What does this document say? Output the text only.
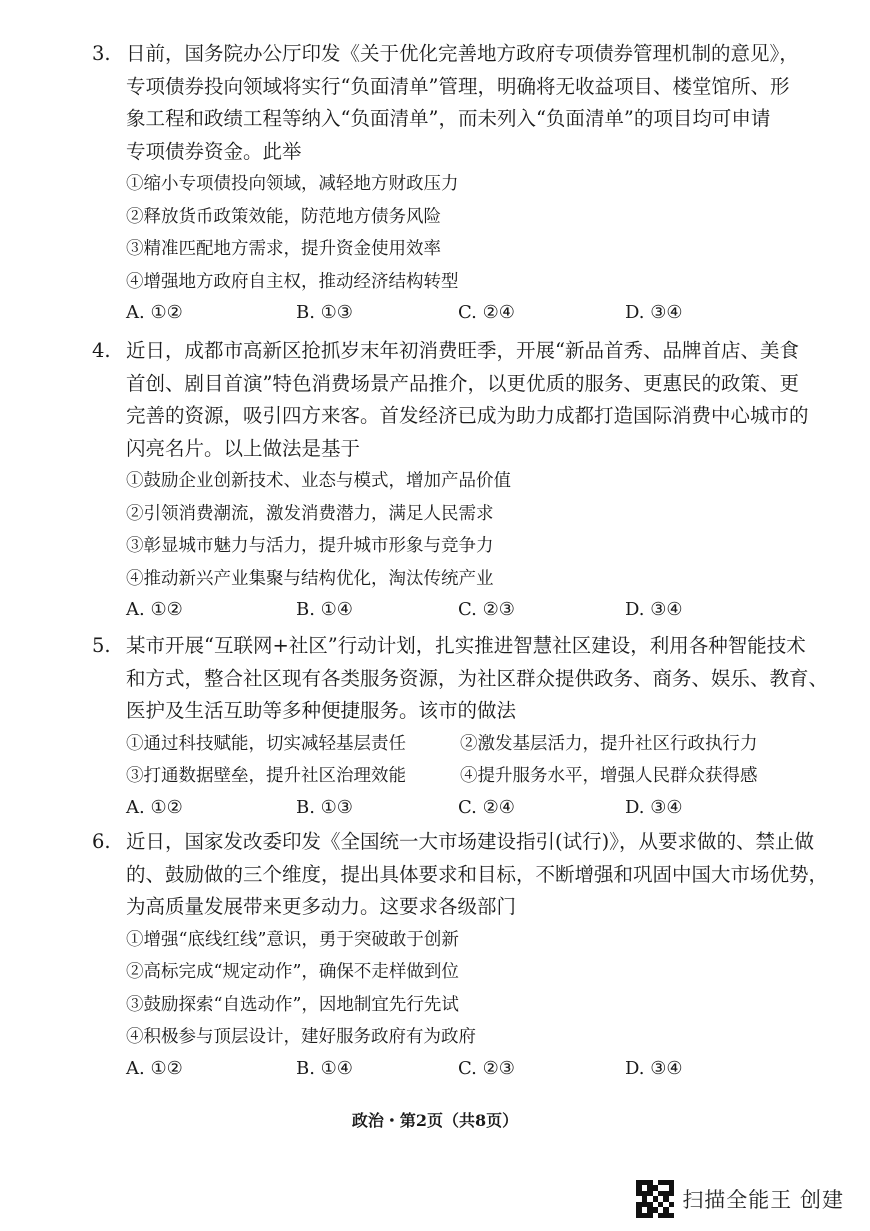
3. 日前，国务院办公厅印发《关于优化完善地方政府专项债券管理机制的意见》，
专项债券投向领域将实行“负面清单”管理，明确将无收益项目、楼堂馆所、形
象工程和政绩工程等纳入“负面清单”，而未列入“负面清单”的项目均可申请
专项债券资金。此举
①缩小专项债投向领域，减轻地方财政压力
②释放货币政策效能，防范地方债务风险
③精准匹配地方需求，提升资金使用效率
④增强地方政府自主权，推动经济结构转型
A. ①②	B. ①③	C. ②④	D. ③④
4. 近日，成都市高新区抢抓岁末年初消费旺季，开展“新品首秀、品牌首店、美食
首创、剧目首演”特色消费场景产品推介，以更优质的服务、更惠民的政策、更
完善的资源，吸引四方来客。首发经济已成为助力成都打造国际消费中心城市的
闪亮名片。以上做法是基于
①鼓励企业创新技术、业态与模式，增加产品价值
②引领消费潮流，激发消费潜力，满足人民需求
③彰显城市魅力与活力，提升城市形象与竞争力
④推动新兴产业集聚与结构优化，淘汰传统产业
A. ①②	B. ①④	C. ②③	D. ③④
5. 某市开展“互联网+社区”行动计划，扎实推进智慧社区建设，利用各种智能技术
和方式，整合社区现有各类服务资源，为社区群众提供政务、商务、娱乐、教育、
医护及生活互助等多种便捷服务。该市的做法
①通过科技赋能，切实减轻基层责任	②激发基层活力，提升社区行政执行力
③打通数据壁垒，提升社区治理效能	④提升服务水平，增强人民群众获得感
A. ①②	B. ①③	C. ②④	D. ③④
6. 近日，国家发改委印发《全国统一大市场建设指引(试行)》，从要求做的、禁止做
的、鼓励做的三个维度，提出具体要求和目标，不断增强和巩固中国大市场优势，
为高质量发展带来更多动力。这要求各级部门
①增强“底线红线”意识，勇于突破敢于创新
②高标完成“规定动作”，确保不走样做到位
③鼓励探索“自选动作”，因地制宜先行先试
④积极参与顶层设计，建好服务政府有为政府
A. ①②	B. ①④	C. ②③	D. ③④
政治・第2页（共8页）
扫描全能王 创建
